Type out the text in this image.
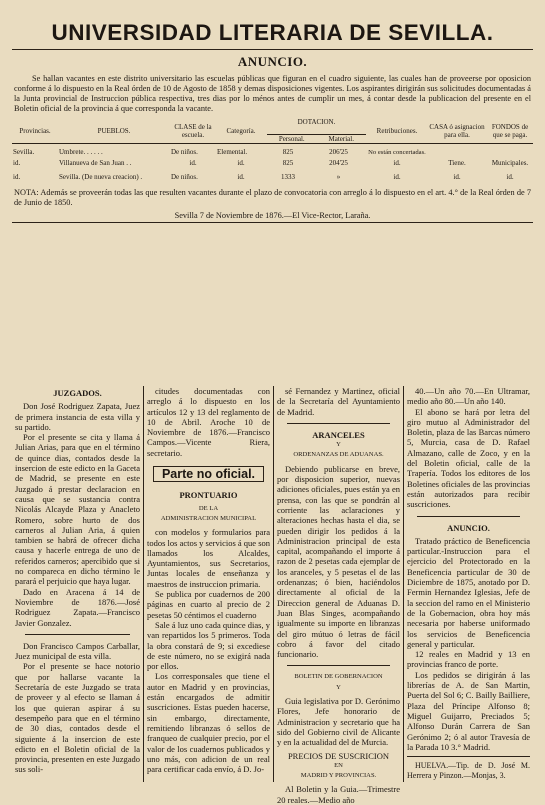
UNIVERSIDAD LITERARIA DE SEVILLA.
ANUNCIO.
Se hallan vacantes en este distrito universitario las escuelas públicas que figuran en el cuadro siguiente, las cuales han de proveerse por oposicion conforme á lo dispuesto en la Real órden de 10 de Agosto de 1858 y demas disposiciones vigentes. Los aspirantes dirigirán sus solicitudes documentadas á la Junta provincial de Instruccion pública respectiva, tres dias por lo ménos antes de cumplir un mes, á contar desde la publicacion del presente en el Boletin oficial de la provincia á que corresponda la vacante.
Provincias.	PUEBLOS.	CLASE de la escuela.	Categoría.	DOTACION.
Personal. Material.		Retribuciones.	CASA ó asignacion para ella.	FONDOS de que se paga.

Sevilla.	Umbrete. . . . . .	De niños.	Elemental.	825	206'25	No están concertadas.		
id.	Villanueva de San Juan . .	id.	id.	825	204'25	id.	Tiene.	Municipales.
id.	Sevilla. (De nueva creacion) .	De niños.	id.	1333	»	id.	id.	id.
NOTA: Además se proveerán todas las que resulten vacantes durante el plazo de convocatoria con arreglo á lo dispuesto en el art. 4.° de la Real órden de 7 de Junio de 1850.
Sevilla 7 de Noviembre de 1876.—El Vice-Rector, Laraña.

JUZGADOS.

Don José Rodriguez Zapata, Juez de primera instancia de esta villa y su partido.

Por el presente se cita y llama á Julian Arias, para que en el término de quince dias, contados desde la insercion de este edicto en la Gaceta de Madrid, se presente en este Juzgado á prestar declaracion en causa que se sustancia contra Nicolás Alcayde Plaza y Anacleto Romero, sobre hurto de dos carneros al Julian Aria, á quien tambien se habrá de ofrecer dicha causa y hacerle entrega de uno de referidos carneros; apercibido que si no compareca en dicho término le parará el perjuicio que haya lugar.

Dado en Aracena á 14 de Noviembre de 1876.—José Rodriguez Zapata.—Francisco Javier Gonzalez.

Don Francisco Campos Carballar, Juez municipal de esta villa.

Por el presente se hace notorio que por hallarse vacante la Secretaría de este Juzgado se trata de proveer y al efecto se llaman á los que quieran aspirar á su desempeño para que en el término de 30 dias, contados desde el siguiente á la insercion de este edicto en el Boletin oficial de la provincia, presenten en este Juzgado sus soli-

citudes documentadas con arreglo á lo dispuesto en los artículos 12 y 13 del reglamento de 10 de Abril. Aroche 10 de Noviembre de 1876.—Francisco Campos.—Vicente Riera, secretario.

Parte no oficial.

PRONTUARIO

DE LA

ADMINISTRACION MUNICIPAL

con modelos y formularios para todos los actos y servicios á que son llamados los Alcaldes, Ayuntamientos, sus Secretarios, Juntas locales de enseñanza y maestros de instruccion primaria.

Se publica por cuadernos de 200 páginas en cuarto al precio de 2 pesetas 50 céntimos el cuaderno

Sale á luz uno cada quince dias, y van repartidos los 5 primeros. Toda la obra constará de 9; si excediese de este número, no se exigirá nada por ellos.

Los corresponsales que tiene el autor en Madrid y en provincias, están encargados de admitir suscriciones. Estas pueden hacerse, sin embargo, directamente, remitiendo libranzas ó sellos de franqueo de cualquier precio, por el valor de los cuadernos publicados y uno más, con adicion de un real para certificar cada envío, á D. Jo-

sé Fernandez y Martinez, oficial de la Secretaría del Ayuntamiento de Madrid.

ARANCELES

Y

ORDENANZAS DE ADUANAS.

Debiendo publicarse en breve, por disposicion superior, nuevas adiciones oficiales, pues están ya en prensa, con las que se pondrán al corriente las aclaraciones y alteraciones hechas hasta el dia, se pueden dirigir los pedidos á la Administracion principal de esta capital, acompañando el importe á razon de 2 pesetas cada ejemplar de los aranceles, y 5 pesetas el de las ordenanzas; ó bien, haciéndolos directamente al oficial de la Direccion general de Aduanas D. Juan Blas Singes, acompañando igualmente su importe en libranzas del giro mútuo ó letras de fácil cobro á favor del citado funcionario.

BOLETIN DE GOBERNACION

Y

Guia legislativa por D. Gerónimo Flores, Jefe honorario de Administracion y secretario que ha sido del Gobierno civil de Alicante y en la actualidad del de Murcia.

PRECIOS DE SUSCRICION

EN

MADRID Y PROVINCIAS.

Al Boletin y la Guia.—Trimestre 20 reales.—Medio año

40.—Un año 70.—En Ultramar, medio año 80.—Un año 140.

El abono se hará por letra del giro mutuo al Administrador del Boletin, plaza de las Barcas número 5, Murcia, casa de D. Rafael Almazano, calle de Zoco, y en la del Boletin oficial, calle de la Trapería. Todos los editores de los Boletines oficiales de las provincias están autorizados para recibir suscriciones.

ANUNCIO.

Tratado práctico de Beneficencia particular.-Instruccion para el ejercicio del Protectorado en la Beneficencia particular de 30 de Diciembre de 1875, anotado por D. Fermin Hernandez Iglesias, Jefe de la seccion del ramo en el Ministerio de la Gobernacion, obra hoy más necesaria por haberse uniformado los servicios de Beneficencia general y particular.

12 reales en Madrid y 13 en provincias franco de porte.

Los pedidos se dirigirán á las librerías de A. de San Martin, Puerta del Sol 6; C. Bailly Bailliere, Plaza del Príncipe Alfonso 8; Miguel Guijarro, Preciados 5; Alfonso Durán Carrera de San Gerónimo 2; ó al autor Travesía de la Parada 10 3.° Madrid.

HUELVA.—Tip. de D. José M. Herrera y Pinzon.—Monjas, 3.
